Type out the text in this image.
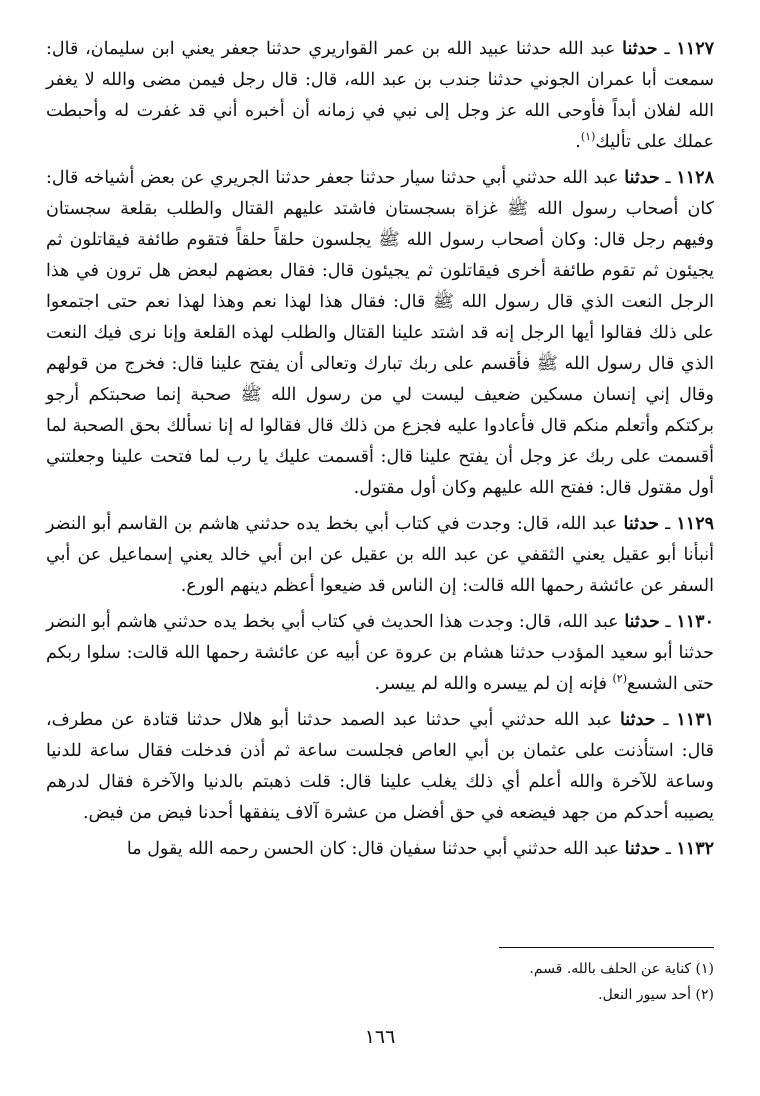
١١٢٧ ـ حدثنا عبد الله حدثنا عبيد الله بن عمر القواريري حدثنا جعفر يعني ابن سليمان، قال: سمعت أبا عمران الجوني حدثنا جندب بن عبد الله، قال: قال رجل فيمن مضى والله لا يغفر الله لفلان أبداً فأوحى الله عز وجل إلى نبي في زمانه أن أخبره أني قد غفرت له وأحبطت عملك على تأليك$^{(١)}$.

١١٢٨ ـ حدثنا عبد الله حدثني أبي حدثنا سيار حدثنا جعفر حدثنا الجريري عن بعض أشياخه قال: كان أصحاب رسول الله ﷺ غزاة بسجستان فاشتد عليهم القتال والطلب بقلعة سجستان وفيهم رجل قال: وكان أصحاب رسول الله ﷺ يجلسون حلقاً حلقاً فتقوم طائفة فيقاتلون ثم يجيئون ثم تقوم طائفة أخرى فيقاتلون ثم يجيئون قال: فقال بعضهم لبعض هل ترون في هذا الرجل النعت الذي قال رسول الله ﷺ قال: فقال هذا لهذا نعم وهذا لهذا نعم حتى اجتمعوا على ذلك فقالوا أيها الرجل إنه قد اشتد علينا القتال والطلب لهذه القلعة وإنا نرى فيك النعت الذي قال رسول الله ﷺ فأقسم على ربك تبارك وتعالى أن يفتح علينا قال: فخرج من قولهم وقال إني إنسان مسكين ضعيف ليست لي من رسول الله ﷺ صحبة إنما صحبتكم أرجو بركتكم وأتعلم منكم قال فأعادوا عليه فجزع من ذلك قال فقالوا له إنا نسألك بحق الصحبة لما أقسمت على ربك عز وجل أن يفتح علينا قال: أقسمت عليك يا رب لما فتحت علينا وجعلتني أول مقتول قال: ففتح الله عليهم وكان أول مقتول.

١١٢٩ ـ حدثنا عبد الله، قال: وجدت في كتاب أبي بخط يده حدثني هاشم بن القاسم أبو النضر أنبأنا أبو عقيل يعني الثقفي عن عبد الله بن عقيل عن ابن أبي خالد يعني إسماعيل عن أبي السفر عن عائشة رحمها الله قالت: إن الناس قد ضيعوا أعظم دينهم الورع.

١١٣٠ ـ حدثنا عبد الله، قال: وجدت هذا الحديث في كتاب أبي بخط يده حدثني هاشم أبو النضر حدثنا أبو سعيد المؤدب حدثنا هشام بن عروة عن أبيه عن عائشة رحمها الله قالت: سلوا ربكم حتى الشسع$^{(٢)}$ فإنه إن لم ييسره والله لم ييسر.

١١٣١ ـ حدثنا عبد الله حدثني أبي حدثنا عبد الصمد حدثنا أبو هلال حدثنا قتادة عن مطرف، قال: استأذنت على عثمان بن أبي العاص فجلست ساعة ثم أذن فدخلت فقال ساعة للدنيا وساعة للآخرة والله أعلم أي ذلك يغلب علينا قال: قلت ذهبتم بالدنيا والآخرة فقال لدرهم يصيبه أحدكم من جهد فيضعه في حق أفضل من عشرة آلاف ينفقها أحدنا فيض من فيض.

١١٣٢ ـ حدثنا عبد الله حدثني أبي حدثنا سفيان قال: كان الحسن رحمه الله يقول ما

(١) كناية عن الحلف بالله. قسم.

(٢) أحد سيور النعل.

١٦٦
